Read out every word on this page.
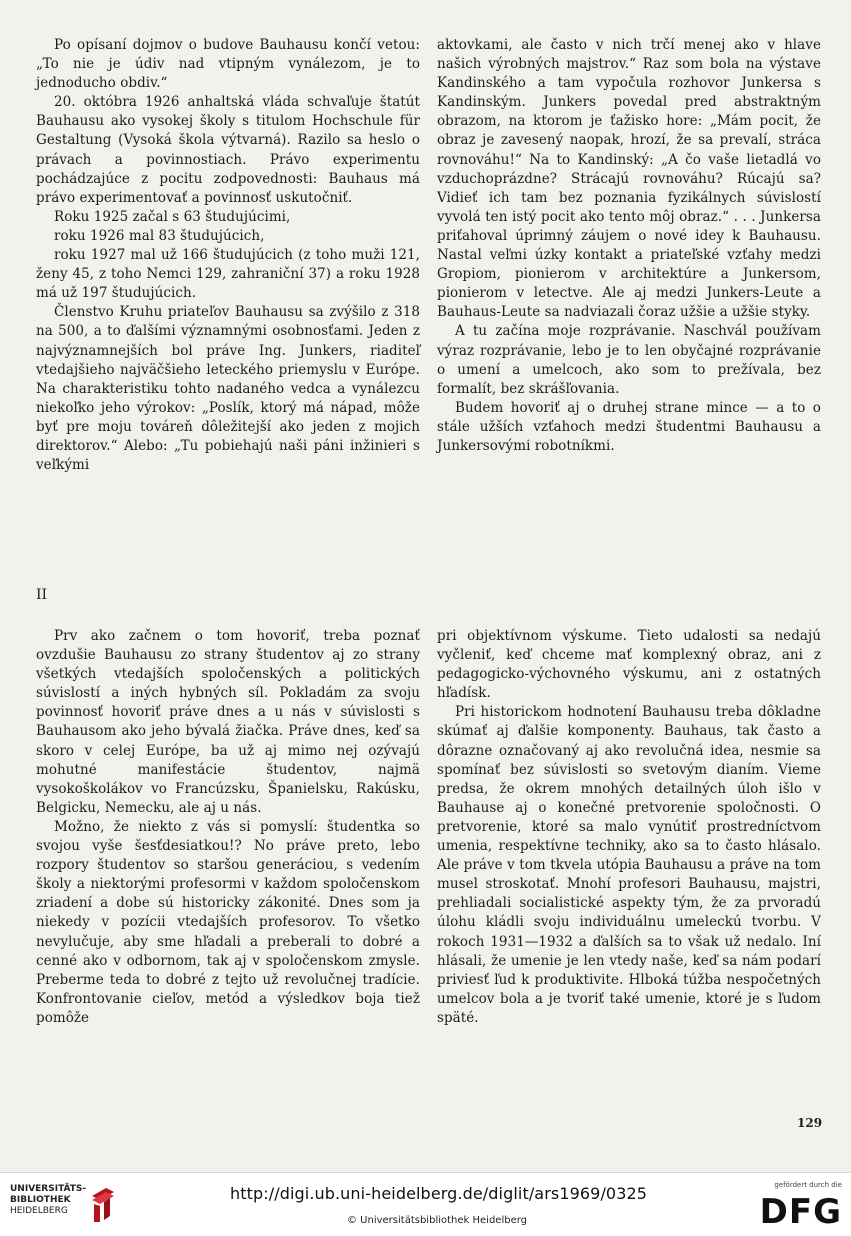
Po opísaní dojmov o budove Bauhausu končí vetou: „To nie je údiv nad vtipným vynálezom, je to jednoducho obdiv.“

20. októbra 1926 anhaltská vláda schvaľuje štatút Bauhausu ako vysokej školy s titulom Hochschule für Gestaltung (Vysoká škola výtvarná). Razilo sa heslo o právach a povinnostiach. Právo experimentu pochádzajúce z pocitu zodpovednosti: Bauhaus má právo experimentovať a povinnosť uskutočniť.

Roku 1925 začal s 63 študujúcimi,

roku 1926 mal 83 študujúcich,

roku 1927 mal už 166 študujúcich (z toho muži 121, ženy 45, z toho Nemci 129, zahraniční 37) a roku 1928 má už 197 študujúcich.

Členstvo Kruhu priateľov Bauhausu sa zvýšilo z 318 na 500, a to ďalšími významnými osobnosťami. Jeden z najvýznamnejších bol práve Ing. Junkers, riaditeľ vtedajšieho najväčšieho leteckého priemyslu v Európe. Na charakteristiku tohto nadaného vedca a vynálezcu niekoľko jeho výrokov: „Poslík, ktorý má nápad, môže byť pre moju továreň dôležitejší ako jeden z mojich direktorov.“ Alebo: „Tu pobiehajú naši páni inžinieri s veľkými

aktovkami, ale často v nich trčí menej ako v hlave našich výrobných majstrov.“ Raz som bola na výstave Kandinského a tam vypočula rozhovor Junkersa s Kandinským. Junkers povedal pred abstraktným obrazom, na ktorom je ťažisko hore: „Mám pocit, že obraz je zavesený naopak, hrozí, že sa prevalí, stráca rovnováhu!“ Na to Kandinský: „A čo vaše lietadlá vo vzduchoprázdne? Strácajú rovnováhu? Rúcajú sa? Vidieť ich tam bez poznania fyzikálnych súvislostí vyvolá ten istý pocit ako tento môj obraz.“ . . . Junkersa priťahoval úprimný záujem o nové idey k Bauhausu. Nastal veľmi úzky kontakt a priateľské vzťahy medzi Gropiom, pionierom v architektúre a Junkersom, pionierom v letectve. Ale aj medzi Junkers-Leute a Bauhaus-Leute sa nadviazali čoraz užšie a užšie styky.

A tu začína moje rozprávanie. Naschvál používam výraz rozprávanie, lebo je to len obyčajné rozprávanie o umení a umelcoch, ako som to prežívala, bez formalít, bez skrášľovania.

Budem hovoriť aj o druhej strane mince — a to o stále užších vzťahoch medzi študentmi Bauhausu a Junkersovými robotníkmi.

II

Prv ako začnem o tom hovoriť, treba poznať ovzdušie Bauhausu zo strany študentov aj zo strany všetkých vtedajších spoločenských a politických súvislostí a iných hybných síl. Pokladám za svoju povinnosť hovoriť práve dnes a u nás v súvislosti s Bauhausom ako jeho bývalá žiačka. Práve dnes, keď sa skoro v celej Európe, ba už aj mimo nej ozývajú mohutné manifestácie študentov, najmä vysokoškolákov vo Francúzsku, Španielsku, Rakúsku, Belgicku, Nemecku, ale aj u nás.

Možno, že niekto z vás si pomyslí: študentka so svojou vyše šesťdesiatkou!? No práve preto, lebo rozpory študentov so staršou generáciou, s vedením školy a niektorými profesormi v každom spoločenskom zriadení a dobe sú historicky zákonité. Dnes som ja niekedy v pozícii vtedajších profesorov. To všetko nevylučuje, aby sme hľadali a preberali to dobré a cenné ako v odbornom, tak aj v spoločenskom zmysle. Preberme teda to dobré z tejto už revolučnej tradície. Konfrontovanie cieľov, metód a výsledkov boja tiež pomôže

pri objektívnom výskume. Tieto udalosti sa nedajú vyčleniť, keď chceme mať komplexný obraz, ani z pedagogicko-výchovného výskumu, ani z ostatných hľadísk.

Pri historickom hodnotení Bauhausu treba dôkladne skúmať aj ďalšie komponenty. Bauhaus, tak často a dôrazne označovaný aj ako revolučná idea, nesmie sa spomínať bez súvislosti so svetovým dianím. Vieme predsa, že okrem mnohých detailných úloh išlo v Bauhause aj o konečné pretvorenie spoločnosti. O pretvorenie, ktoré sa malo vynútiť prostredníctvom umenia, respektívne techniky, ako sa to často hlásalo. Ale práve v tom tkvela utópia Bauhausu a práve na tom musel stroskotať. Mnohí profesori Bauhausu, majstri, prehliadali socialistické aspekty tým, že za prvoradú úlohu kládli svoju individuálnu umeleckú tvorbu. V rokoch 1931—1932 a ďalších sa to však už nedalo. Iní hlásali, že umenie je len vtedy naše, keď sa nám podarí priviesť ľud k produktivite. Hlboká túžba nespočetných umelcov bola a je tvoriť také umenie, ktoré je s ľudom späté.

129
UNIVERSITÄTS-
BIBLIOTHEK
HEIDELBERG
http://digi.ub.uni-heidelberg.de/diglit/ars1969/0325
© Universitätsbibliothek Heidelberg
gefördert durch die
DFG
